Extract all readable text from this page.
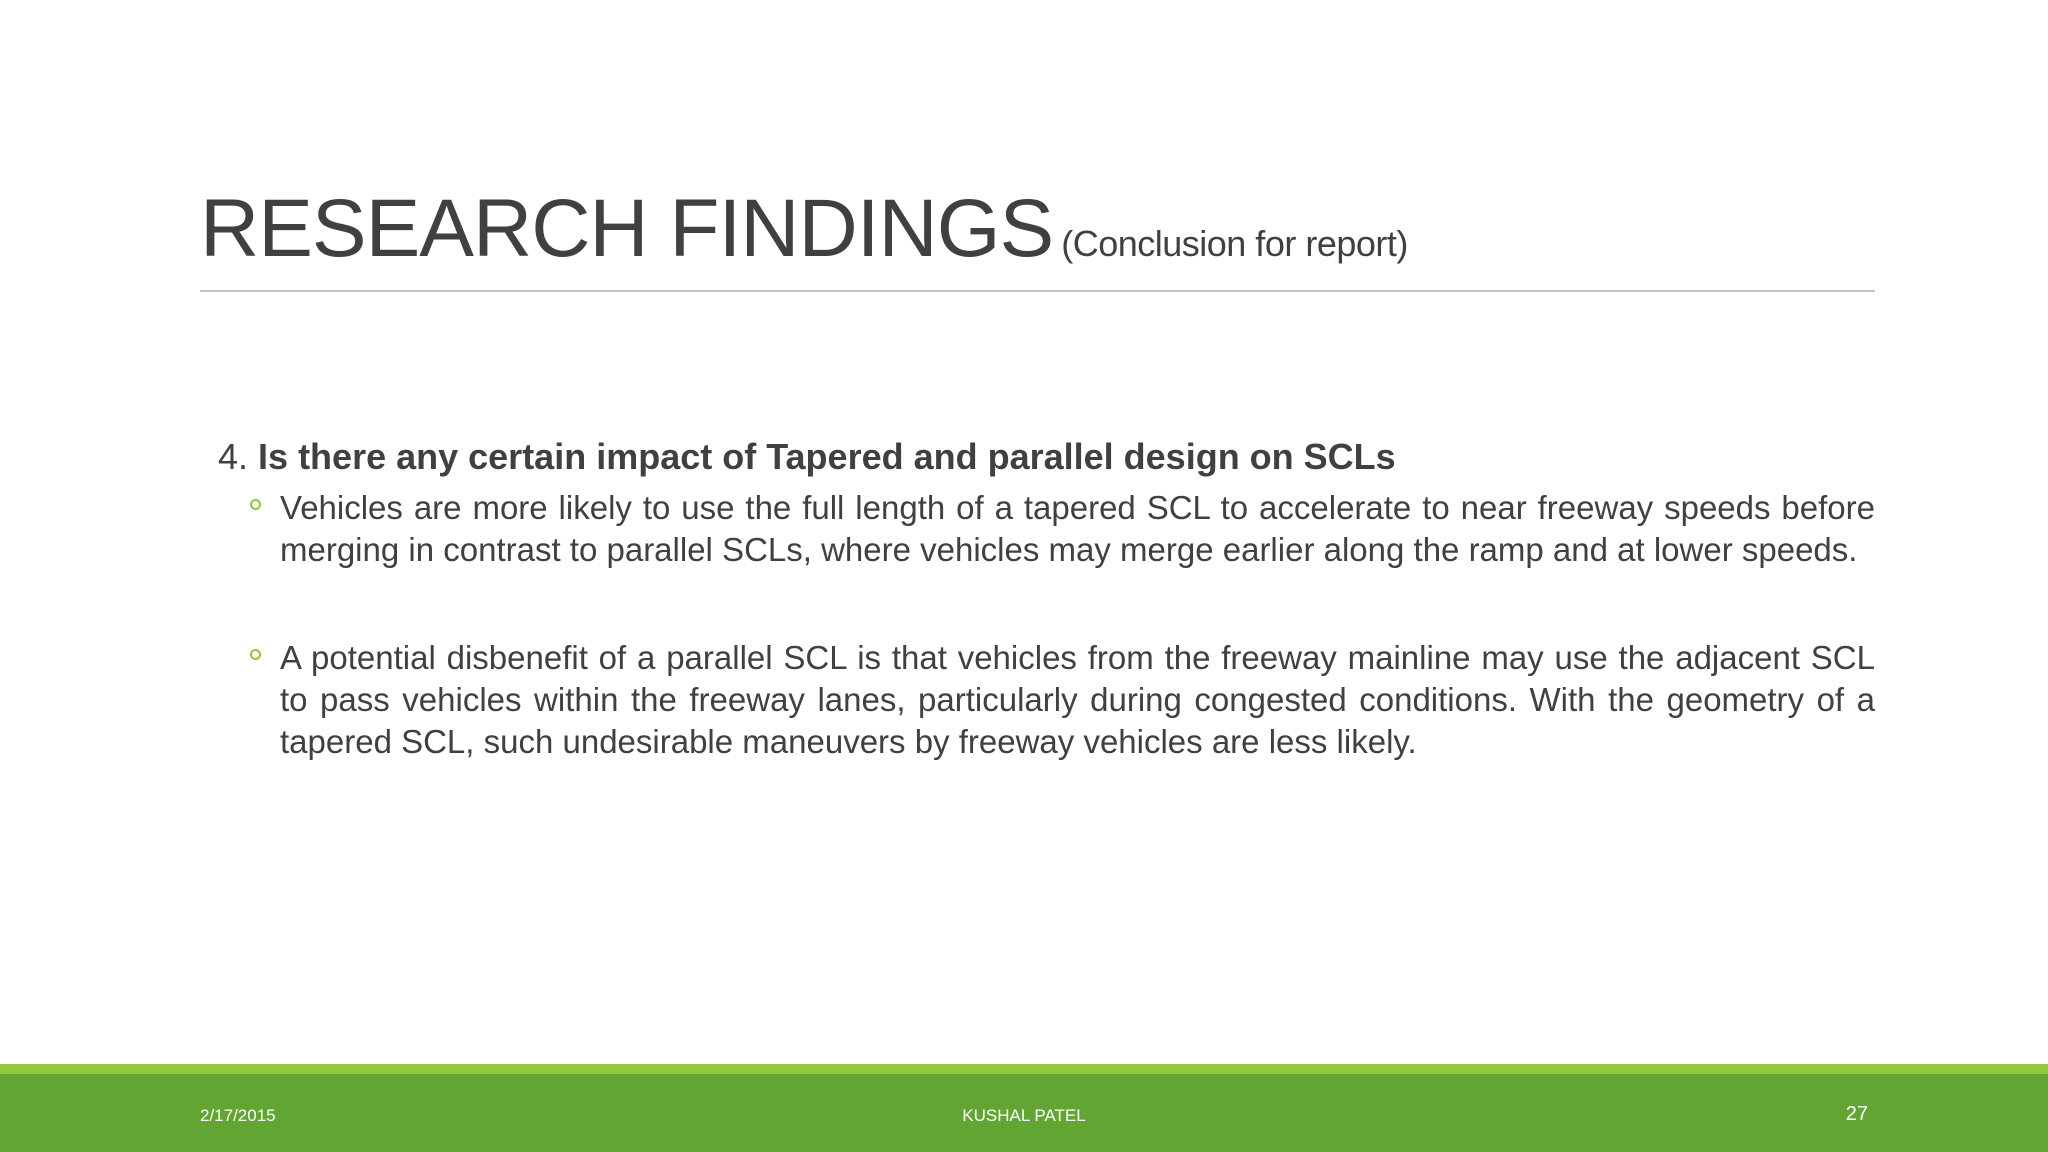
RESEARCH FINDINGS (Conclusion for report)
4. Is there any certain impact of Tapered and parallel design on SCLs
Vehicles are more likely to use the full length of a tapered SCL to accelerate to near freeway speeds before merging in contrast to parallel SCLs, where vehicles may merge earlier along the ramp and at lower speeds.
A potential disbenefit of a parallel SCL is that vehicles from the freeway mainline may use the adjacent SCL to pass vehicles within the freeway lanes, particularly during congested conditions. With the geometry of a tapered SCL, such undesirable maneuvers by freeway vehicles are less likely.
2/17/2015	KUSHAL PATEL	27
